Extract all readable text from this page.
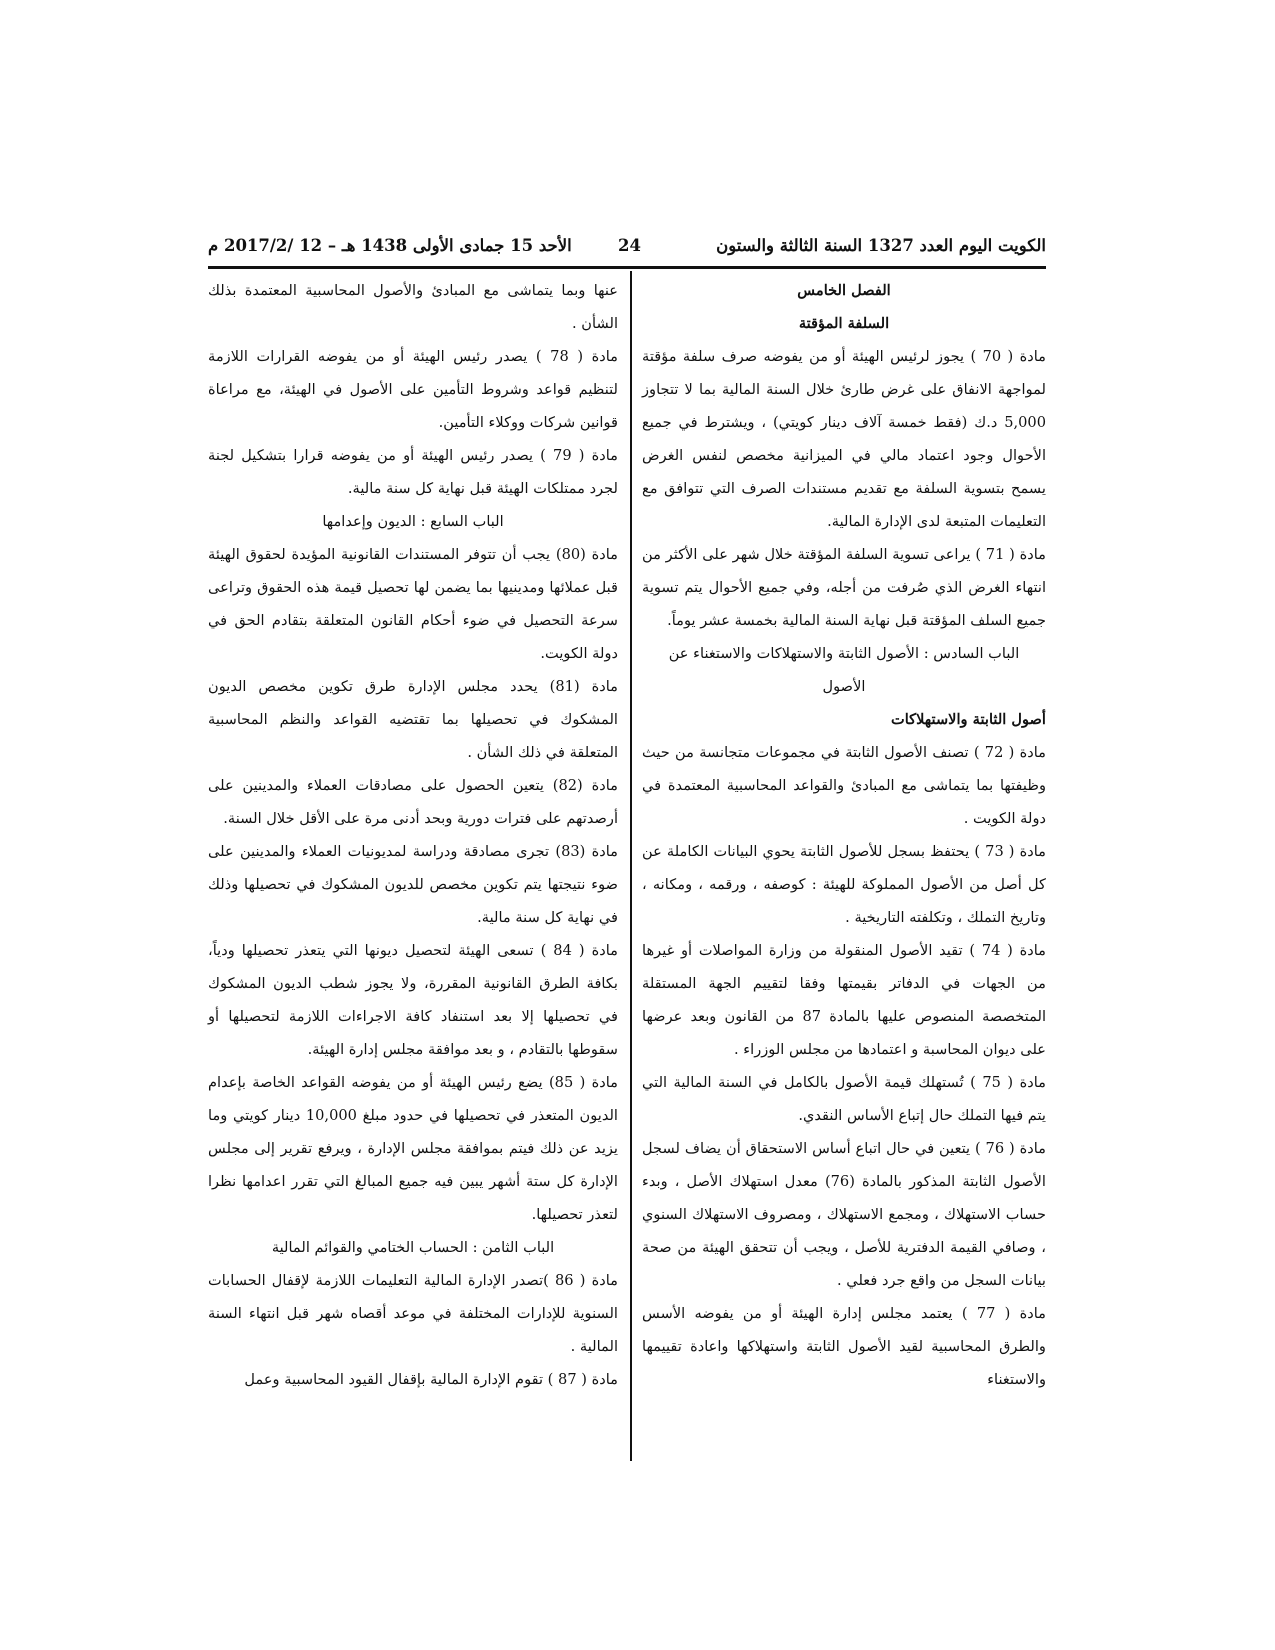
الكويت اليوم العدد 1327 السنة الثالثة والستون
24
الأحد 15 جمادى الأولى 1438 هـ – 12 /2017/2 م

الفصل الخامس

السلفة المؤقتة

مادة ( 70 ) يجوز لرئيس الهيئة أو من يفوضه صرف سلفة مؤقتة لمواجهة الانفاق على غرض طارئ خلال السنة المالية بما لا تتجاوز 5,000 د.ك (فقط خمسة آلاف دينار كويتي) ، ويشترط في جميع الأحوال وجود اعتماد مالي في الميزانية مخصص لنفس الغرض يسمح بتسوية السلفة مع تقديم مستندات الصرف التي تتوافق مع التعليمات المتبعة لدى الإدارة المالية.

مادة ( 71 ) يراعى تسوية السلفة المؤقتة خلال شهر على الأكثر من انتهاء الغرض الذي صُرفت من أجله، وفي جميع الأحوال يتم تسوية جميع السلف المؤقتة قبل نهاية السنة المالية بخمسة عشر يوماً.

الباب السادس : الأصول الثابتة والاستهلاكات والاستغناء عن

الأصول

أصول الثابتة والاستهلاكات

مادة ( 72 ) تصنف الأصول الثابتة في مجموعات متجانسة من حيث وظيفتها بما يتماشى مع المبادئ والقواعد المحاسبية المعتمدة في دولة الكويت .

مادة ( 73 ) يحتفظ بسجل للأصول الثابتة يحوي البيانات الكاملة عن كل أصل من الأصول المملوكة للهيئة : كوصفه ، ورقمه ، ومكانه ، وتاريخ التملك ، وتكلفته التاريخية .

مادة ( 74 ) تقيد الأصول المنقولة من وزارة المواصلات أو غيرها من الجهات في الدفاتر بقيمتها وفقا لتقييم الجهة المستقلة المتخصصة المنصوص عليها بالمادة 87 من القانون وبعد عرضها على ديوان المحاسبة و اعتمادها من مجلس الوزراء .

مادة ( 75 ) تُستهلك قيمة الأصول بالكامل في السنة المالية التي يتم فيها التملك حال إتباع الأساس النقدي.

مادة ( 76 ) يتعين في حال اتباع أساس الاستحقاق أن يضاف لسجل الأصول الثابتة المذكور بالمادة (76) معدل استهلاك الأصل ، وبدء حساب الاستهلاك ، ومجمع الاستهلاك ، ومصروف الاستهلاك السنوي ، وصافي القيمة الدفترية للأصل ، ويجب أن تتحقق الهيئة من صحة بيانات السجل من واقع جرد فعلي .

مادة ( 77 ) يعتمد مجلس إدارة الهيئة أو من يفوضه الأسس والطرق المحاسبية لقيد الأصول الثابتة واستهلاكها واعادة تقييمها والاستغناء

عنها وبما يتماشى مع المبادئ والأصول المحاسبية المعتمدة بذلك الشأن .

مادة ( 78 ) يصدر رئيس الهيئة أو من يفوضه القرارات اللازمة لتنظيم قواعد وشروط التأمين على الأصول في الهيئة، مع مراعاة قوانين شركات ووكلاء التأمين.

مادة ( 79 ) يصدر رئيس الهيئة أو من يفوضه قرارا بتشكيل لجنة لجرد ممتلكات الهيئة قبل نهاية كل سنة مالية.

الباب السابع : الديون وإعدامها

مادة (80) يجب أن تتوفر المستندات القانونية المؤيدة لحقوق الهيئة قبل عملائها ومدينيها بما يضمن لها تحصيل قيمة هذه الحقوق وتراعى سرعة التحصيل في ضوء أحكام القانون المتعلقة بتقادم الحق في دولة الكويت.

مادة (81) يحدد مجلس الإدارة طرق تكوين مخصص الديون المشكوك في تحصيلها بما تقتضيه القواعد والنظم المحاسبية المتعلقة في ذلك الشأن .

مادة (82) يتعين الحصول على مصادقات العملاء والمدينين على أرصدتهم على فترات دورية وبحد أدنى مرة على الأقل خلال السنة.

مادة (83) تجرى مصادقة ودراسة لمديونيات العملاء والمدينين على ضوء نتيجتها يتم تكوين مخصص للديون المشكوك في تحصيلها وذلك في نهاية كل سنة مالية.

مادة ( 84 ) تسعى الهيئة لتحصيل ديونها التي يتعذر تحصيلها ودياً، بكافة الطرق القانونية المقررة، ولا يجوز شطب الديون المشكوك في تحصيلها إلا بعد استنفاد كافة الاجراءات اللازمة لتحصيلها أو سقوطها بالتقادم ، و بعد موافقة مجلس إدارة الهيئة.

مادة ( 85) يضع رئيس الهيئة أو من يفوضه القواعد الخاصة بإعدام الديون المتعذر في تحصيلها في حدود مبلغ 10,000 دينار كويتي وما يزيد عن ذلك فيتم بموافقة مجلس الإدارة ، ويرفع تقرير إلى مجلس الإدارة كل ستة أشهر يبين فيه جميع المبالغ التي تقرر اعدامها نظرا لتعذر تحصيلها.

الباب الثامن : الحساب الختامي والقوائم المالية

مادة ( 86 )تصدر الإدارة المالية التعليمات اللازمة لإقفال الحسابات السنوية للإدارات المختلفة في موعد أقصاه شهر قبل انتهاء السنة المالية .

مادة ( 87 ) تقوم الإدارة المالية بإقفال القيود المحاسبية وعمل
